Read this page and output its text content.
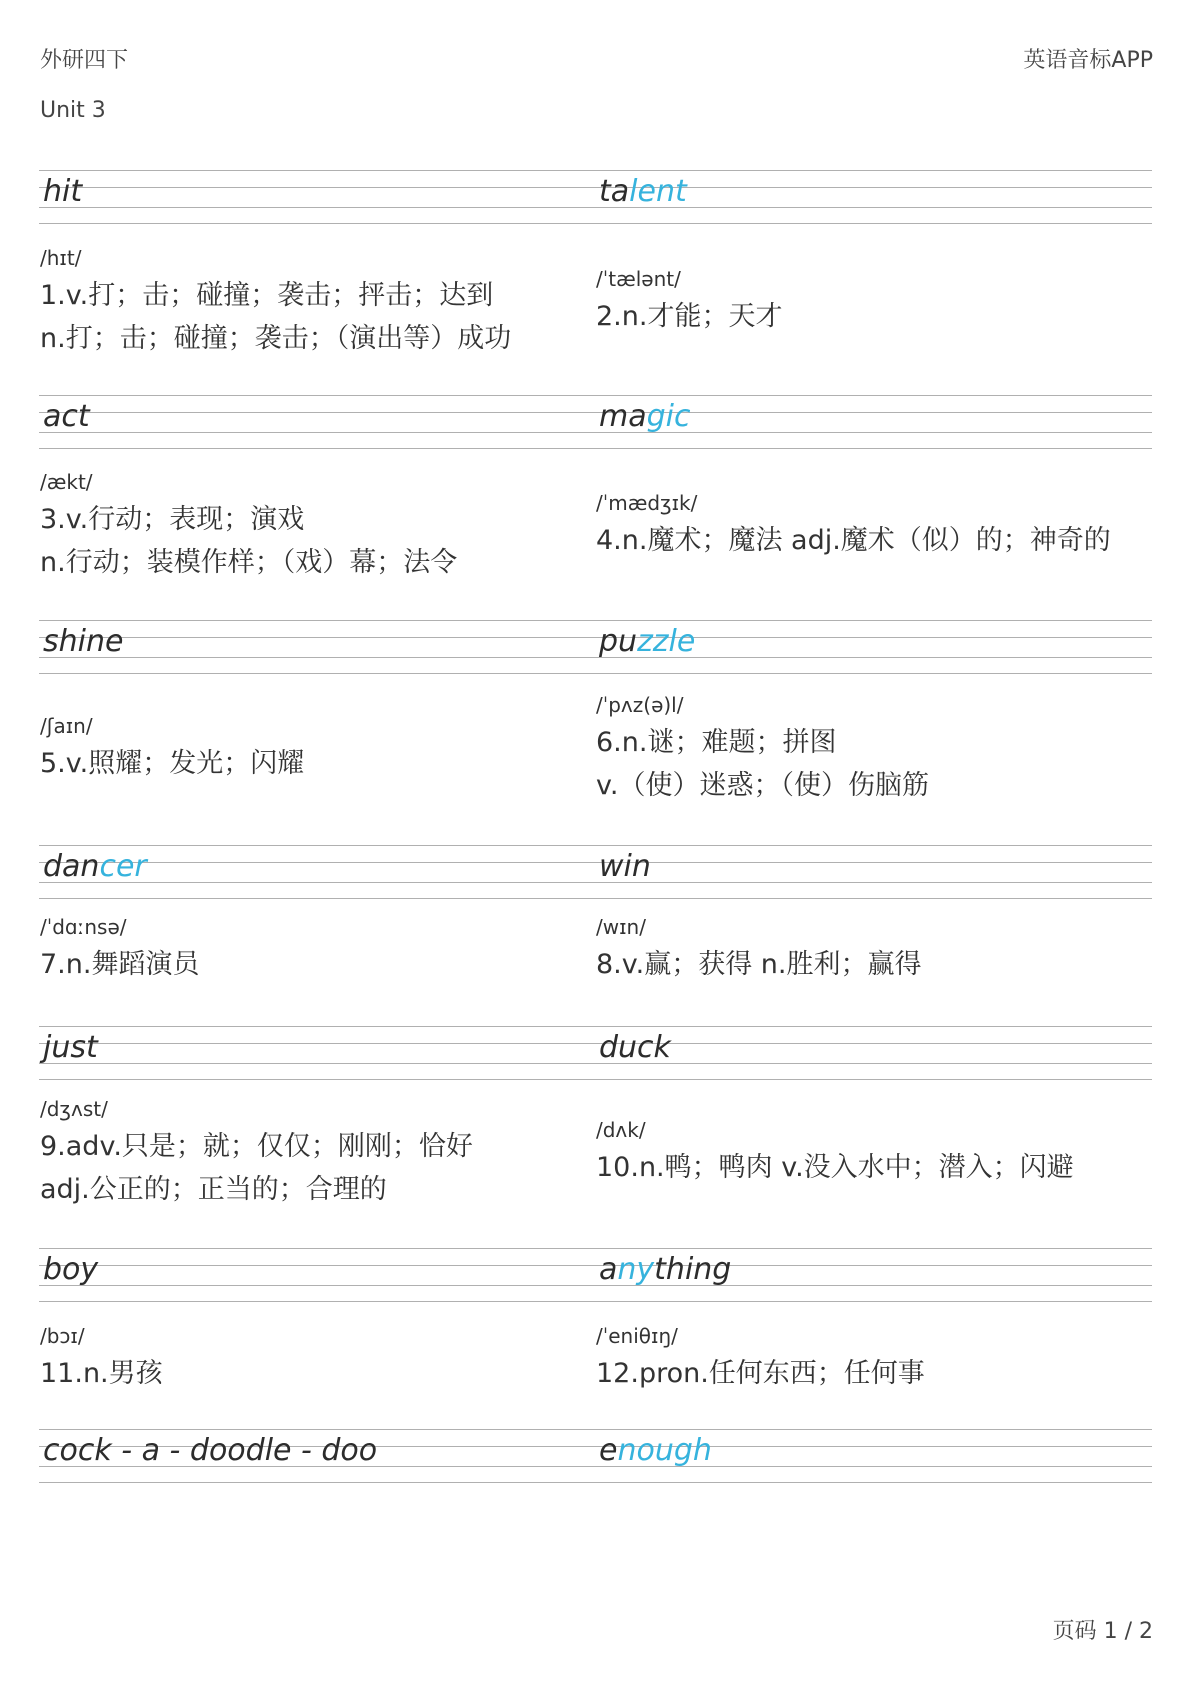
外研四下	英语音标APP
Unit 3
hit	talent
/hɪt/
1.v.打；击；碰撞；袭击；抨击；达到
n.打；击；碰撞；袭击；（演出等）成功
/ˈtælənt/
2.n.才能；天才
act	magic
/ækt/
3.v.行动；表现；演戏
n.行动；装模作样；（戏）幕；法令
/ˈmædʒɪk/
4.n.魔术；魔法 adj.魔术（似）的；神奇的
shine	puzzle
/ʃaɪn/
5.v.照耀；发光；闪耀
/ˈpʌz(ə)l/
6.n.谜；难题；拼图
v.（使）迷惑；（使）伤脑筋
dancer	win
/ˈdɑːnsə/
7.n.舞蹈演员
/wɪn/
8.v.赢；获得 n.胜利；赢得
just	duck
/dʒʌst/
9.adv.只是；就；仅仅；刚刚；恰好
adj.公正的；正当的；合理的
/dʌk/
10.n.鸭；鸭肉 v.没入水中；潜入；闪避
boy	anything
/bɔɪ/
11.n.男孩
/ˈeniθɪŋ/
12.pron.任何东西；任何事
cock - a - doodle - doo	enough
页码 1 / 2
